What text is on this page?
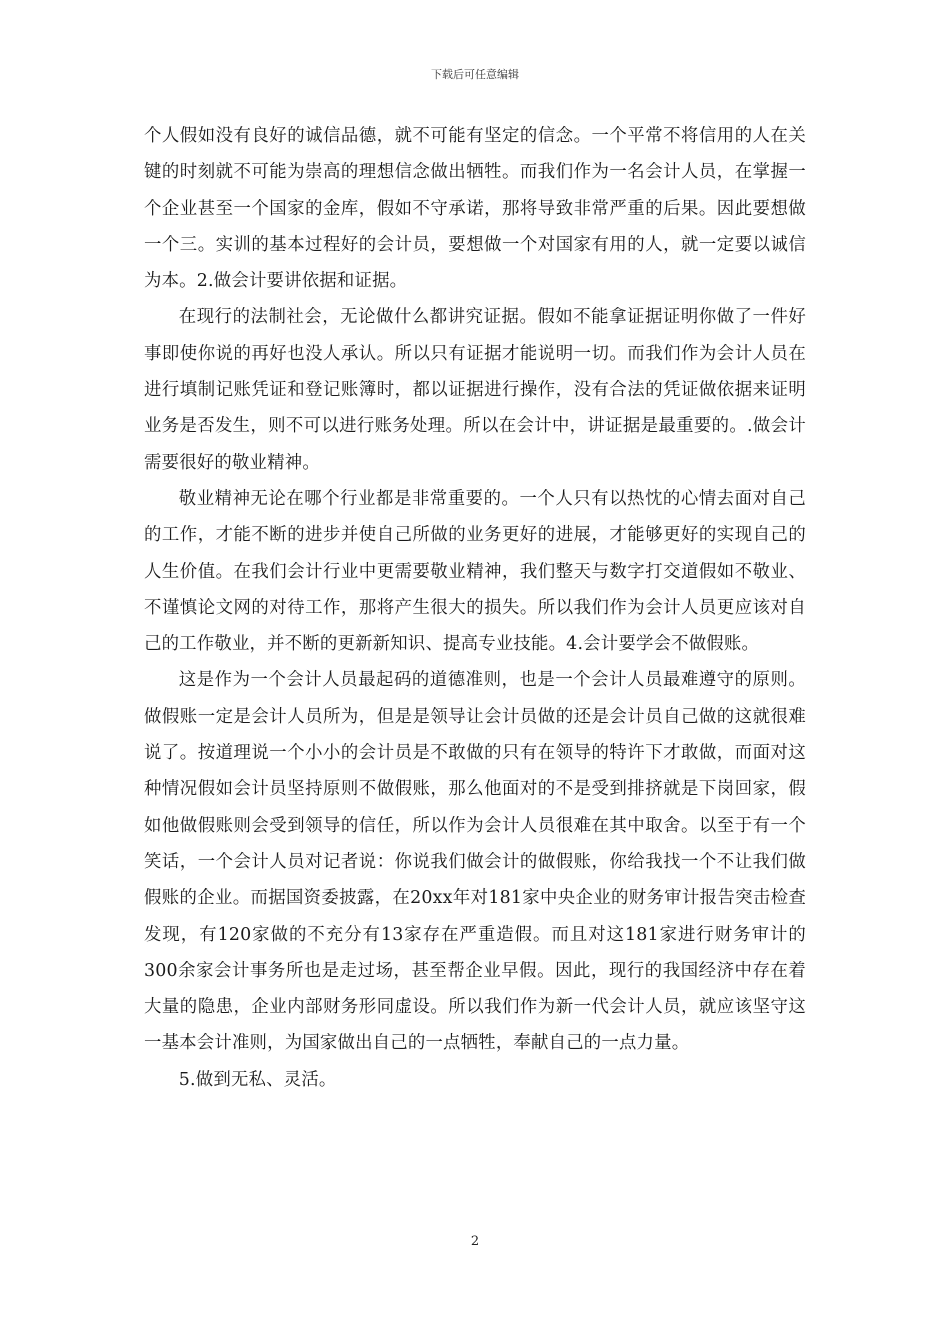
下载后可任意编辑

个人假如没有良好的诚信品德，就不可能有坚定的信念。一个平常不将信用的人在关键的时刻就不可能为崇高的理想信念做出牺牲。而我们作为一名会计人员，在掌握一个企业甚至一个国家的金库，假如不守承诺，那将导致非常严重的后果。因此要想做一个三。实训的基本过程好的会计员，要想做一个对国家有用的人，就一定要以诚信为本。2.做会计要讲依据和证据。

在现行的法制社会，无论做什么都讲究证据。假如不能拿证据证明你做了一件好事即使你说的再好也没人承认。所以只有证据才能说明一切。而我们作为会计人员在进行填制记账凭证和登记账簿时，都以证据进行操作，没有合法的凭证做依据来证明业务是否发生，则不可以进行账务处理。所以在会计中，讲证据是最重要的。.做会计需要很好的敬业精神。

敬业精神无论在哪个行业都是非常重要的。一个人只有以热忱的心情去面对自己的工作，才能不断的进步并使自己所做的业务更好的进展，才能够更好的实现自己的人生价值。在我们会计行业中更需要敬业精神，我们整天与数字打交道假如不敬业、不谨慎论文网的对待工作，那将产生很大的损失。所以我们作为会计人员更应该对自己的工作敬业，并不断的更新新知识、提高专业技能。4.会计要学会不做假账。

这是作为一个会计人员最起码的道德准则，也是一个会计人员最难遵守的原则。做假账一定是会计人员所为，但是是领导让会计员做的还是会计员自己做的这就很难说了。按道理说一个小小的会计员是不敢做的只有在领导的特许下才敢做，而面对这种情况假如会计员坚持原则不做假账，那么他面对的不是受到排挤就是下岗回家，假如他做假账则会受到领导的信任，所以作为会计人员很难在其中取舍。以至于有一个笑话，一个会计人员对记者说：你说我们做会计的做假账，你给我找一个不让我们做假账的企业。而据国资委披露，在20xx年对181家中央企业的财务审计报告突击检查发现，有120家做的不充分有13家存在严重造假。而且对这181家进行财务审计的300余家会计事务所也是走过场，甚至帮企业早假。因此，现行的我国经济中存在着大量的隐患，企业内部财务形同虚设。所以我们作为新一代会计人员，就应该坚守这一基本会计准则，为国家做出自己的一点牺牲，奉献自己的一点力量。

5.做到无私、灵活。

2
